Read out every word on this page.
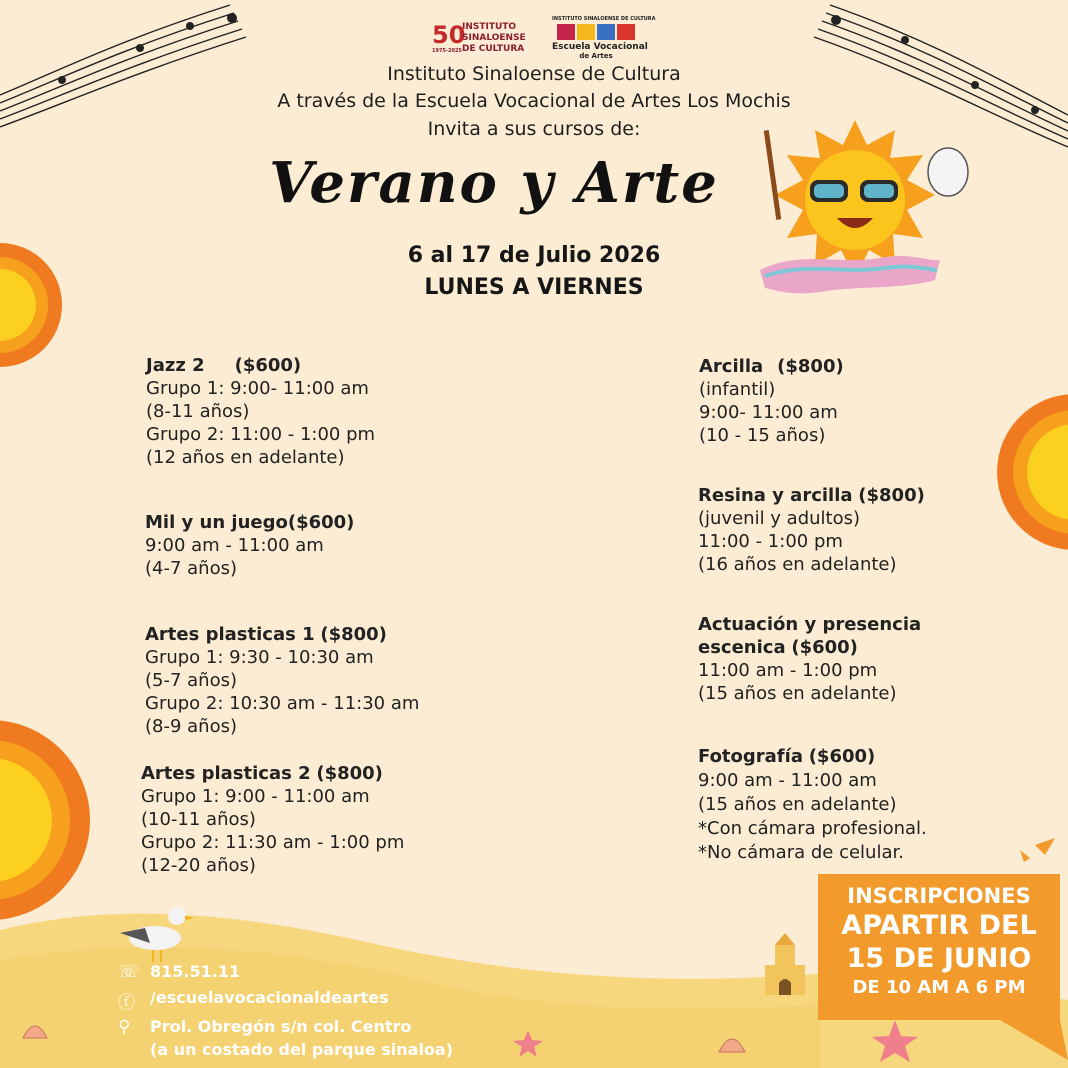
50
1975-2025
INSTITUTO
SINALOENSE
DE CULTURA
INSTITUTO SINALOENSE DE CULTURA
Escuela Vocacional
de Artes
Instituto Sinaloense de Cultura
A través de la Escuela Vocacional de Artes Los Mochis
Invita a sus cursos de:
Verano y Arte
6 al 17 de Julio 2026
LUNES A VIERNES
Jazz 2 ($600)
Grupo 1: 9:00- 11:00 am
(8-11 años)
Grupo 2: 11:00 - 1:00 pm
(12 años en adelante)
Mil y un juego($600)
9:00 am - 11:00 am
(4-7 años)
Artes plasticas 1 ($800)
Grupo 1: 9:30 - 10:30 am
(5-7 años)
Grupo 2: 10:30 am - 11:30 am
(8-9 años)
Artes plasticas 2 ($800)
Grupo 1: 9:00 - 11:00 am
(10-11 años)
Grupo 2: 11:30 am - 1:00 pm
(12-20 años)
Arcilla ($800)
(infantil)
9:00- 11:00 am
(10 - 15 años)
Resina y arcilla ($800)
(juvenil y adultos)
11:00 - 1:00 pm
(16 años en adelante)
Actuación y presencia
escenica ($600)
11:00 am - 1:00 pm
(15 años en adelante)
Fotografía ($600)
9:00 am - 11:00 am
(15 años en adelante)
*Con cámara profesional.
*No cámara de celular.
INSCRIPCIONES
APARTIR DEL
15 DE JUNIO
DE 10 AM A 6 PM
☏ 815.51.11
ⓕ /escuelavocacionaldeartes
⚲ Prol. Obregón s/n col. Centro
(a un costado del parque sinaloa)
